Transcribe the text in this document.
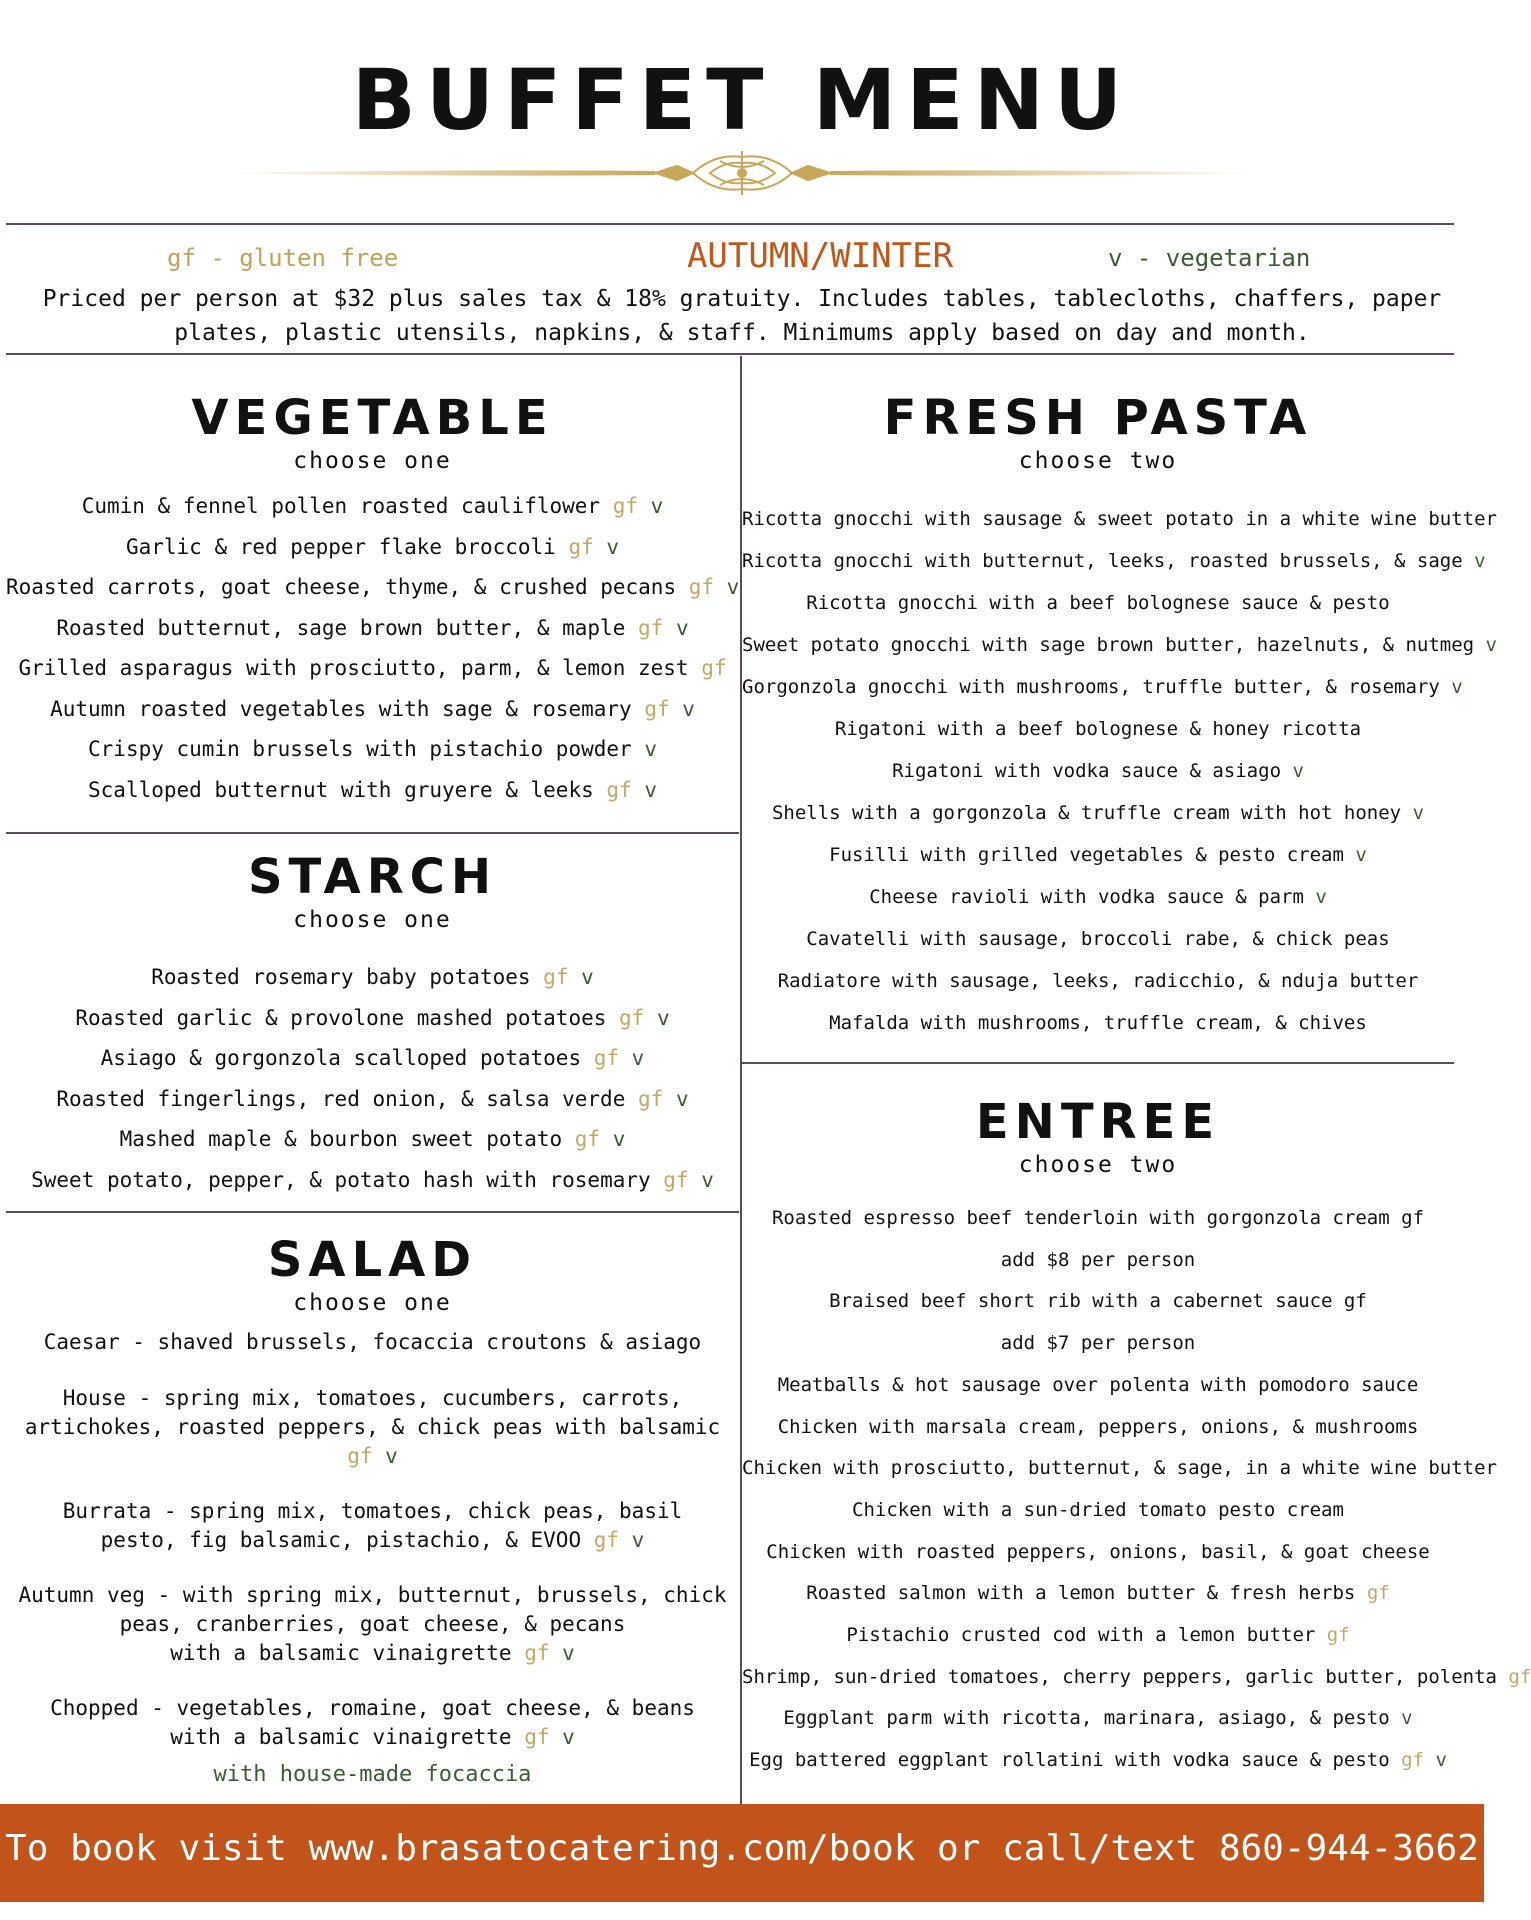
BUFFET MENU
gf - gluten free	AUTUMN/WINTER	v - vegetarian
Priced per person at $32 plus sales tax & 18% gratuity. Includes tables, tablecloths, chaffers, paper
plates, plastic utensils, napkins, & staff. Minimums apply based on day and month.
VEGETABLE
choose one
Cumin & fennel pollen roasted cauliflower gf v
Garlic & red pepper flake broccoli gf v
Roasted carrots, goat cheese, thyme, & crushed pecans gf v
Roasted butternut, sage brown butter, & maple gf v
Grilled asparagus with prosciutto, parm, & lemon zest gf
Autumn roasted vegetables with sage & rosemary gf v
Crispy cumin brussels with pistachio powder v
Scalloped butternut with gruyere & leeks gf v
STARCH
choose one
Roasted rosemary baby potatoes gf v
Roasted garlic & provolone mashed potatoes gf v
Asiago & gorgonzola scalloped potatoes gf v
Roasted fingerlings, red onion, & salsa verde gf v
Mashed maple & bourbon sweet potato gf v
Sweet potato, pepper, & potato hash with rosemary gf v
SALAD
choose one
Caesar - shaved brussels, focaccia croutons & asiago
House - spring mix, tomatoes, cucumbers, carrots,
artichokes, roasted peppers, & chick peas with balsamic gf v
Burrata - spring mix, tomatoes, chick peas, basil
pesto, fig balsamic, pistachio, & EVOO gf v
Autumn veg - with spring mix, butternut, brussels, chick
peas, cranberries, goat cheese, & pecans
with a balsamic vinaigrette gf v
Chopped - vegetables, romaine, goat cheese, & beans
with a balsamic vinaigrette gf v
with house-made focaccia
FRESH PASTA
choose two
Ricotta gnocchi with sausage & sweet potato in a white wine butter
Ricotta gnocchi with butternut, leeks, roasted brussels, & sage v
Ricotta gnocchi with a beef bolognese sauce & pesto
Sweet potato gnocchi with sage brown butter, hazelnuts, & nutmeg v
Gorgonzola gnocchi with mushrooms, truffle butter, & rosemary v
Rigatoni with a beef bolognese & honey ricotta
Rigatoni with vodka sauce & asiago v
Shells with a gorgonzola & truffle cream with hot honey v
Fusilli with grilled vegetables & pesto cream v
Cheese ravioli with vodka sauce & parm v
Cavatelli with sausage, broccoli rabe, & chick peas
Radiatore with sausage, leeks, radicchio, & nduja butter
Mafalda with mushrooms, truffle cream, & chives
ENTREE
choose two
Roasted espresso beef tenderloin with gorgonzola cream gf
add $8 per person
Braised beef short rib with a cabernet sauce gf
add $7 per person
Meatballs & hot sausage over polenta with pomodoro sauce
Chicken with marsala cream, peppers, onions, & mushrooms
Chicken with prosciutto, butternut, & sage, in a white wine butter
Chicken with a sun-dried tomato pesto cream
Chicken with roasted peppers, onions, basil, & goat cheese
Roasted salmon with a lemon butter & fresh herbs gf
Pistachio crusted cod with a lemon butter gf
Shrimp, sun-dried tomatoes, cherry peppers, garlic butter, polenta gf
Eggplant parm with ricotta, marinara, asiago, & pesto v
Egg battered eggplant rollatini with vodka sauce & pesto gf v
To book visit www.brasatocatering.com/book or call/text 860-944-3662
